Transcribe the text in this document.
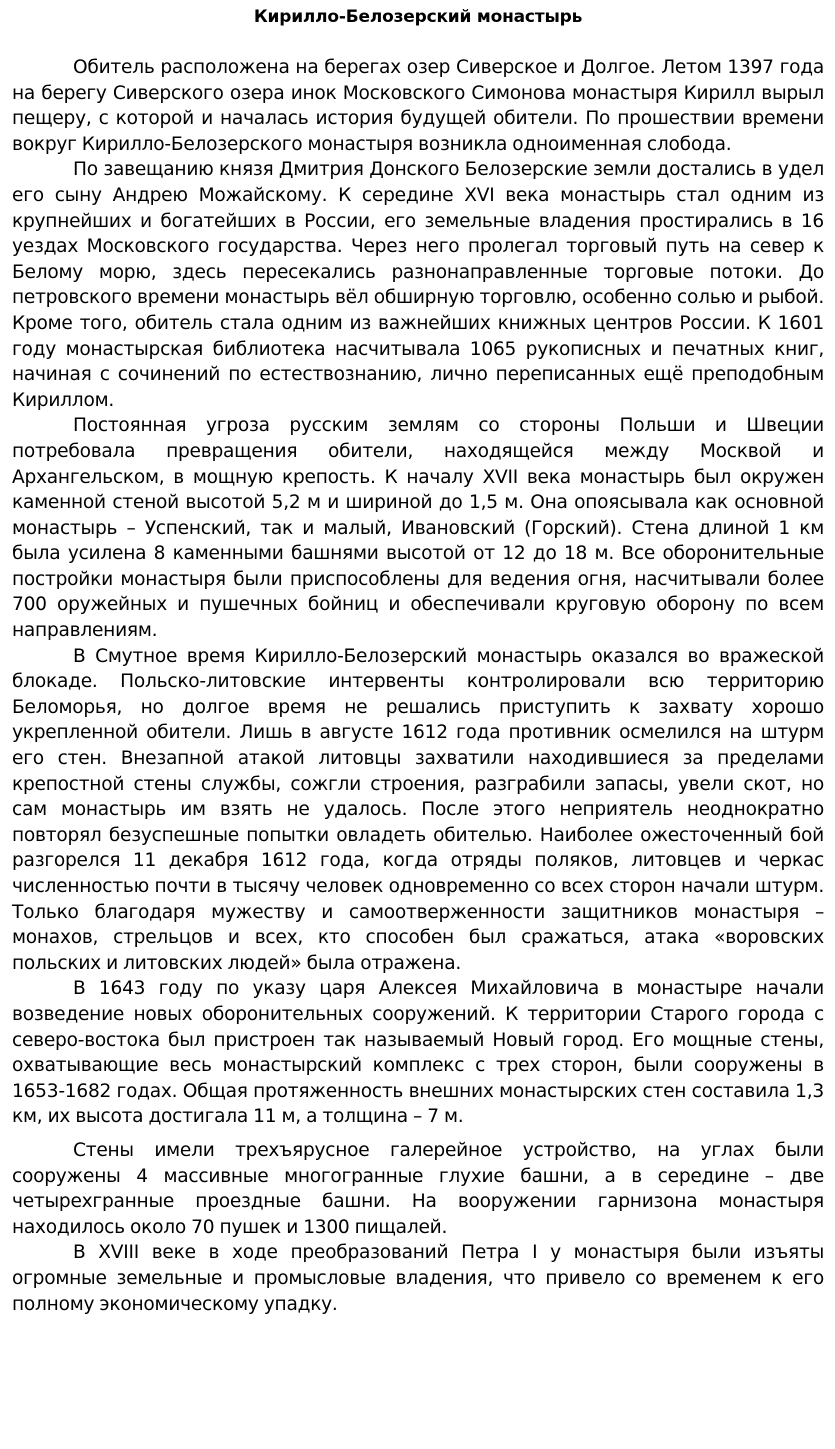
Кирилло-Белозерский монастырь

Обитель расположена на берегах озер Сиверское и Долгое. Летом 1397 года на берегу Сиверского озера инок Московского Симонова монастыря Кирилл вырыл пещеру, с которой и началась история будущей обители. По прошествии времени вокруг Кирилло-Белозерского монастыря возникла одноименная слобода.

По завещанию князя Дмитрия Донского Белозерские земли достались в удел его сыну Андрею Можайскому. К середине XVI века монастырь стал одним из крупнейших и богатейших в России, его земельные владения простирались в 16 уездах Московского государства. Через него пролегал торговый путь на север к Белому морю, здесь пересекались разнонаправленные торговые потоки. До петровского времени монастырь вёл обширную торговлю, особенно солью и рыбой. Кроме того, обитель стала одним из важнейших книжных центров России. К 1601 году монастырская библиотека насчитывала 1065 рукописных и печатных книг, начиная с сочинений по естествознанию, лично переписанных ещё преподобным Кириллом.

Постоянная угроза русским землям со стороны Польши и Швеции потребовала превращения обители, находящейся между Москвой и Архангельском, в мощную крепость. К началу XVII века монастырь был окружен каменной стеной высотой 5,2 м и шириной до 1,5 м. Она опоясывала как основной монастырь – Успенский, так и малый, Ивановский (Горский). Стена длиной 1 км была усилена 8 каменными башнями высотой от 12 до 18 м. Все оборонительные постройки монастыря были приспособлены для ведения огня, насчитывали более 700 оружейных и пушечных бойниц и обеспечивали круговую оборону по всем направлениям.

В Смутное время Кирилло-Белозерский монастырь оказался во вражеской блокаде. Польско-литовские интервенты контролировали всю территорию Беломорья, но долгое время не решались приступить к захвату хорошо укрепленной обители. Лишь в августе 1612 года противник осмелился на штурм его стен. Внезапной атакой литовцы захватили находившиеся за пределами крепостной стены службы, сожгли строения, разграбили запасы, увели скот, но сам монастырь им взять не удалось. После этого неприятель неоднократно повторял безуспешные попытки овладеть обителью. Наиболее ожесточенный бой разгорелся 11 декабря 1612 года, когда отряды поляков, литовцев и черкас численностью почти в тысячу человек одновременно со всех сторон начали штурм. Только благодаря мужеству и самоотверженности защитников монастыря – монахов, стрельцов и всех, кто способен был сражаться, атака «воровских польских и литовских людей» была отражена.

В 1643 году по указу царя Алексея Михайловича в монастыре начали возведение новых оборонительных сооружений. К территории Старого города с северо-востока был пристроен так называемый Новый город. Его мощные стены, охватывающие весь монастырский комплекс с трех сторон, были сооружены в 1653-1682 годах. Общая протяженность внешних монастырских стен составила 1,3 км, их высота достигала 11 м, а толщина – 7 м.

Стены имели трехъярусное галерейное устройство, на углах были сооружены 4 массивные многогранные глухие башни, а в середине – две четырехгранные проездные башни. На вооружении гарнизона монастыря находилось около 70 пушек и 1300 пищалей.

В XVIII веке в ходе преобразований Петра I у монастыря были изъяты огромные земельные и промысловые владения, что привело со временем к его полному экономическому упадку.
